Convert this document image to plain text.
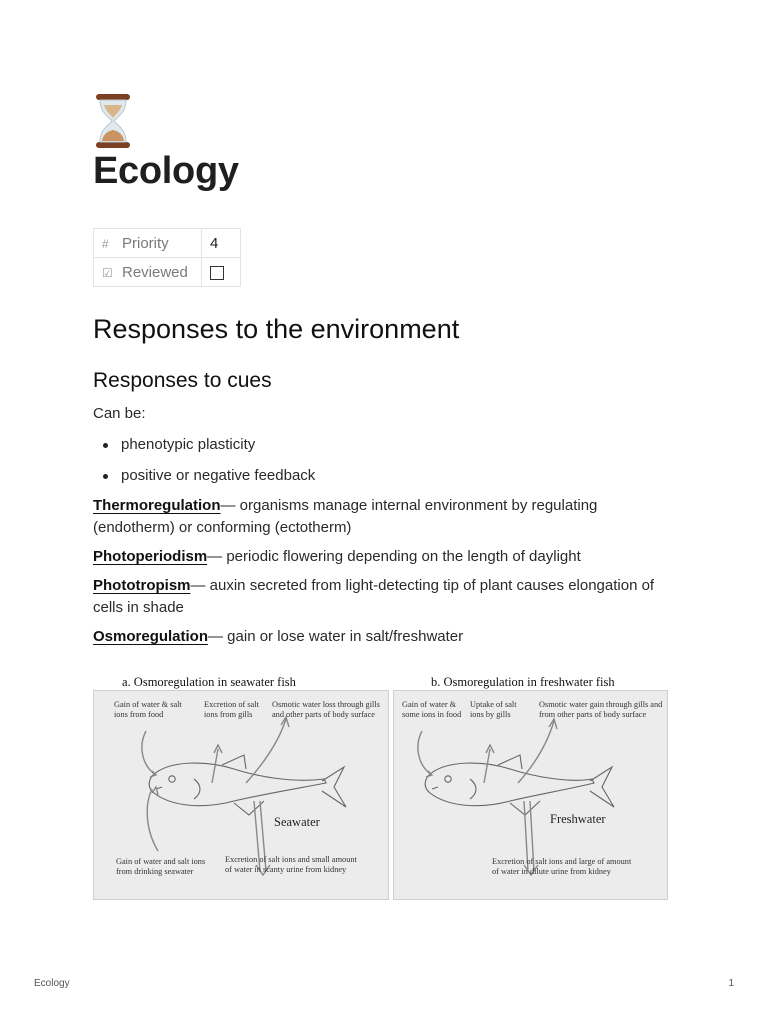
Ecology
# Priority	4
☑ Reviewed	
Responses to the environment
Responses to cues

Can be:

phenotypic plasticity
positive or negative feedback

Thermoregulation— organisms manage internal environment by regulating (endotherm) or conforming (ectotherm)

Photoperiodism— periodic flowering depending on the length of daylight

Phototropism— auxin secreted from light-detecting tip of plant causes elongation of cells in shade

Osmoregulation— gain or lose water in salt/freshwater

a. Osmoregulation in seawater fish
Gain of water & salt ions from food
Excretion of salt ions from gills
Osmotic water loss through gills and other parts of body surface
Seawater
Gain of water and salt ions from drinking seawater
Excretion of salt ions and small amount of water in scanty urine from kidney
b. Osmoregulation in freshwater fish
Gain of water & some ions in food
Uptake of salt ions by gills
Osmotic water gain through gills and from other parts of body surface
Freshwater
Excretion of salt ions and large of amount of water in dilute urine from kidney
Ecology	1
